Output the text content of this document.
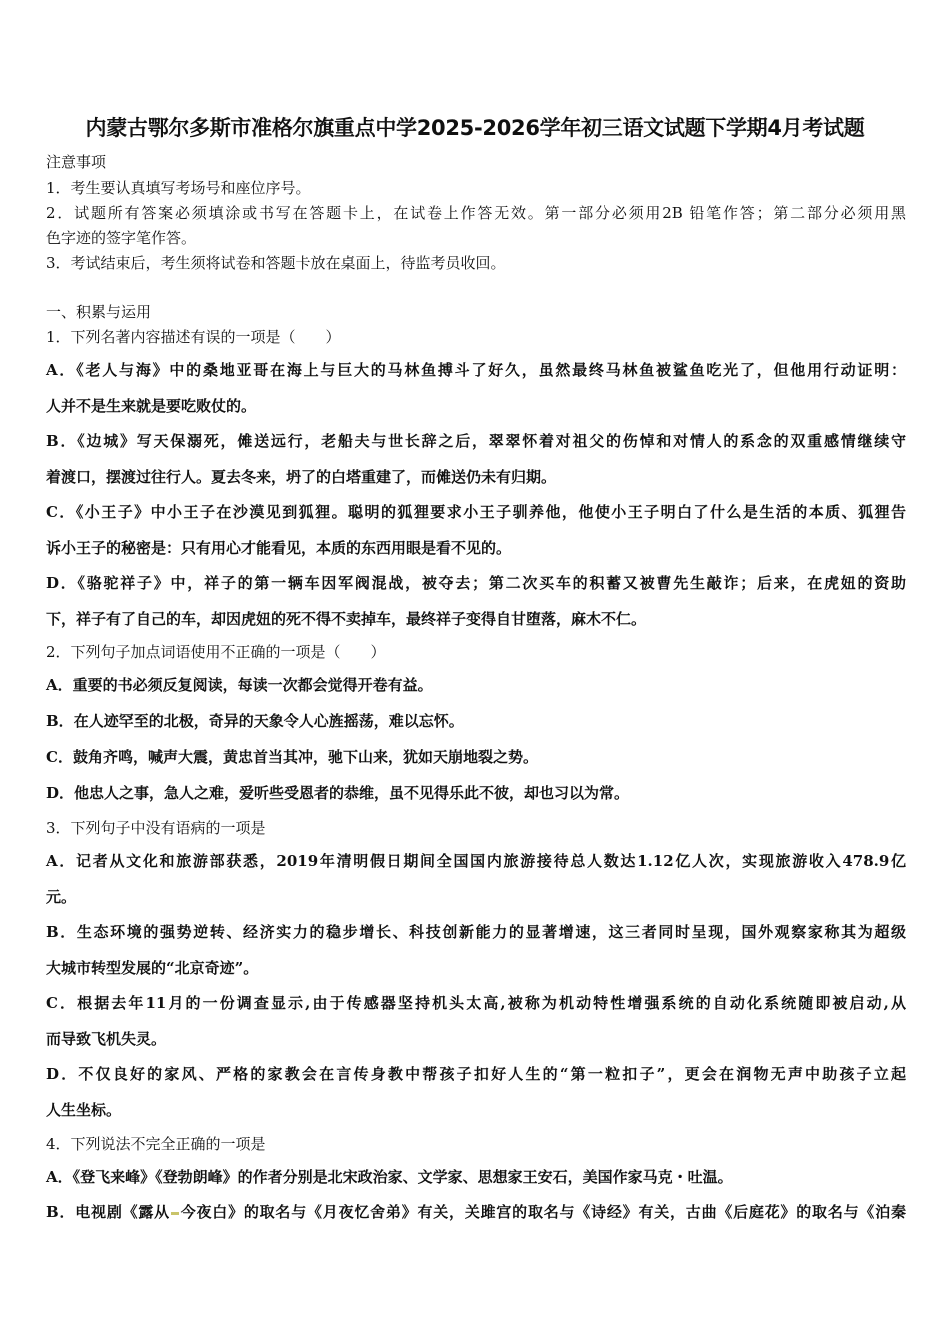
内蒙古鄂尔多斯市准格尔旗重点中学2025-2026学年初三语文试题下学期4月考试题
注意事项
1．考生要认真填写考场号和座位序号。
2．试题所有答案必须填涂或书写在答题卡上，在试卷上作答无效。第一部分必须用2B 铅笔作答；第二部分必须用黑
色字迹的签字笔作答。
3．考试结束后，考生须将试卷和答题卡放在桌面上，待监考员收回。
一、积累与运用
1．下列名著内容描述有误的一项是（　　）
A．《老人与海》中的桑地亚哥在海上与巨大的马林鱼搏斗了好久，虽然最终马林鱼被鲨鱼吃光了，但他用行动证明：
人并不是生来就是要吃败仗的。
B．《边城》写天保溺死，傩送远行，老船夫与世长辞之后，翠翠怀着对祖父的伤悼和对情人的系念的双重感情继续守
着渡口，摆渡过往行人。夏去冬来，坍了的白塔重建了，而傩送仍未有归期。
C．《小王子》中小王子在沙漠见到狐狸。聪明的狐狸要求小王子驯养他，他使小王子明白了什么是生活的本质、狐狸告
诉小王子的秘密是：只有用心才能看见，本质的东西用眼是看不见的。
D．《骆驼祥子》中，祥子的第一辆车因军阀混战，被夺去；第二次买车的积蓄又被曹先生敲诈；后来，在虎妞的资助
下，祥子有了自己的车，却因虎妞的死不得不卖掉车，最终祥子变得自甘堕落，麻木不仁。
2．下列句子加点词语使用不正确的一项是（　　）
A．重要的书必须反复阅读，每读一次都会觉得开卷有益。
B．在人迹罕至的北极，奇异的天象令人心旌摇荡，难以忘怀。
C．鼓角齐鸣，喊声大震，黄忠首当其冲，驰下山来，犹如天崩地裂之势。
D．他忠人之事，急人之难，爱听些受恩者的恭维，虽不见得乐此不彼，却也习以为常。
3．下列句子中没有语病的一项是
A．记者从文化和旅游部获悉，2019年清明假日期间全国国内旅游接待总人数达1.12亿人次，实现旅游收入478.9亿
元。
B．生态环境的强势逆转、经济实力的稳步增长、科技创新能力的显著增速，这三者同时呈现，国外观察家称其为超级
大城市转型发展的“北京奇迹”。
C．根据去年11月的一份调查显示,由于传感器坚持机头太高,被称为机动特性增强系统的自动化系统随即被启动,从
而导致飞机失灵。
D．不仅良好的家风、严格的家教会在言传身教中帮孩子扣好人生的“第一粒扣子”，更会在润物无声中助孩子立起
人生坐标。
4．下列说法不完全正确的一项是
A．《登飞来峰》《登勃朗峰》的作者分别是北宋政治家、文学家、思想家王安石，美国作家马克・吐温。
B．电视剧《露从 今夜白》的取名与《月夜忆舍弟》有关，关雎宫的取名与《诗经》有关，古曲《后庭花》的取名与《泊秦
